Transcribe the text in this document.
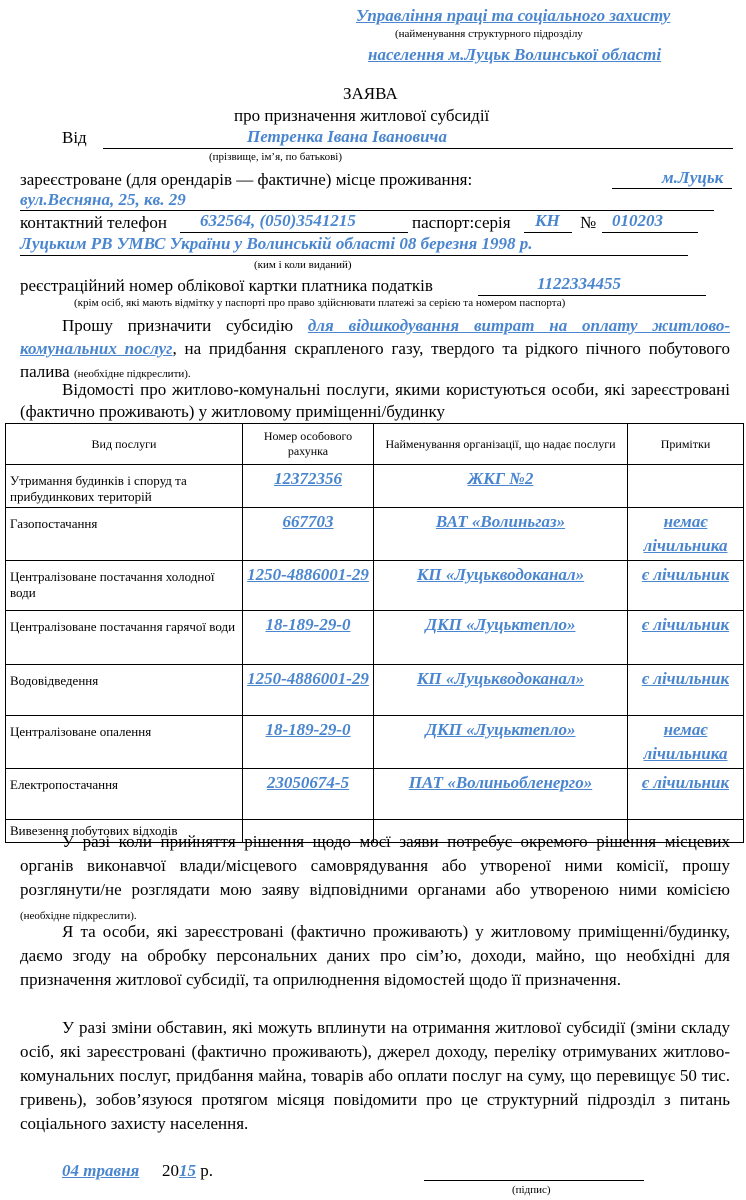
Управління праці та соціального захисту
(найменування структурного підрозділу
населення м.Луцьк Волинської області
ЗАЯВА
про призначення житлової субсидії
Від	Петренка Івана Івановича
(прізвище, ім’я, по батькові)
зареєстроване (для орендарів — фактичне) місце проживання:	м.Луцьк
вул.Весняна, 25, кв. 29
контактний телефон 632564, (050)3541215	паспорт:серія КН № 010203
Луцьким РВ УМВС України у Волинській області 08 березня 1998 р.
(ким і коли виданий)
реєстраційний номер облікової картки платника податків	1122334455
(крім осіб, які мають відмітку у паспорті про право здійснювати платежі за серією та номером паспорта)

Прошу призначити субсидію для відшкодування витрат на оплату житлово-комунальних послуг, на придбання скрапленого газу, твердого та рідкого пічного побутового палива (необхідне підкреслити).

Відомості про житлово-комунальні послуги, якими користуються особи, які зареєстровані (фактично проживають) у житловому приміщенні/будинку

Вид послуги	Номер особового рахунка	Найменування організації, що надає послуги	Примітки
Утримання будинків і споруд та прибудинкових територій	12372356	ЖКГ №2	
Газопостачання	667703	ВАТ «Волиньгаз»	немає лічильника
Централізоване постачання холодної води	1250-4886001-29	КП «Луцькводоканал»	є лічильник
Централізоване постачання гарячої води	18-189-29-0	ДКП «Луцьктепло»	є лічильник
Водовідведення	1250-4886001-29	КП «Луцькводоканал»	є лічильник
Централізоване опалення	18-189-29-0	ДКП «Луцьктепло»	немає лічильника
Електропостачання	23050674-5	ПАТ «Волиньобленерго»	є лічильник
Вивезення побутових відходів			

У разі коли прийняття рішення щодо моєї заяви потребує окремого рішення місцевих органів виконавчої влади/місцевого самоврядування або утвореної ними комісії, прошу розглянути/не розглядати мою заяву відповідними органами або утвореною ними комісією (необхідне підкреслити).

Я та особи, які зареєстровані (фактично проживають) у житловому приміщенні/будинку, даємо згоду на обробку персональних даних про сім’ю, доходи, майно, що необхідні для призначення житлової субсидії, та оприлюднення відомостей щодо її призначення.

У разі зміни обставин, які можуть вплинути на отримання житлової субсидії (зміни складу осіб, які зареєстровані (фактично проживають), джерел доходу, переліку отримуваних житлово-комунальних послуг, придбання майна, товарів або оплати послуг на суму, що перевищує 50 тис. гривень), зобов’язуюся протягом місяця повідомити про це структурний підрозділ з питань соціального захисту населення.

04 травня 2015 р.
(підпис)
